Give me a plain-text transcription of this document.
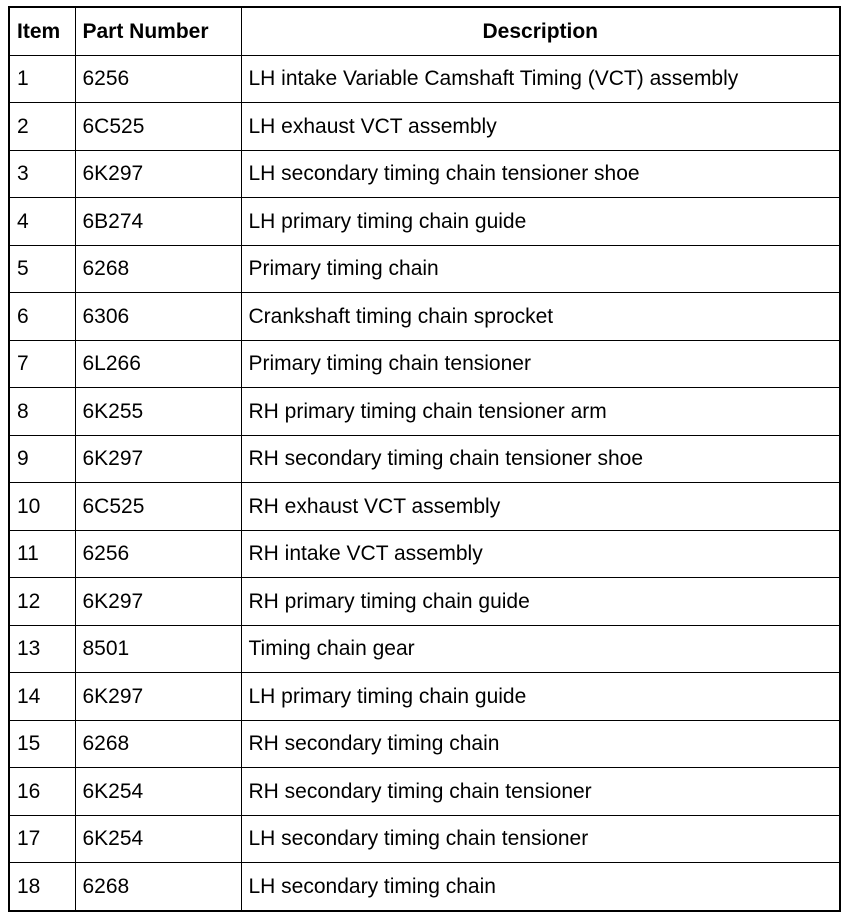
Item	Part Number	Description
1	6256	LH intake Variable Camshaft Timing (VCT) assembly
2	6C525	LH exhaust VCT assembly
3	6K297	LH secondary timing chain tensioner shoe
4	6B274	LH primary timing chain guide
5	6268	Primary timing chain
6	6306	Crankshaft timing chain sprocket
7	6L266	Primary timing chain tensioner
8	6K255	RH primary timing chain tensioner arm
9	6K297	RH secondary timing chain tensioner shoe
10	6C525	RH exhaust VCT assembly
11	6256	RH intake VCT assembly
12	6K297	RH primary timing chain guide
13	8501	Timing chain gear
14	6K297	LH primary timing chain guide
15	6268	RH secondary timing chain
16	6K254	RH secondary timing chain tensioner
17	6K254	LH secondary timing chain tensioner
18	6268	LH secondary timing chain
